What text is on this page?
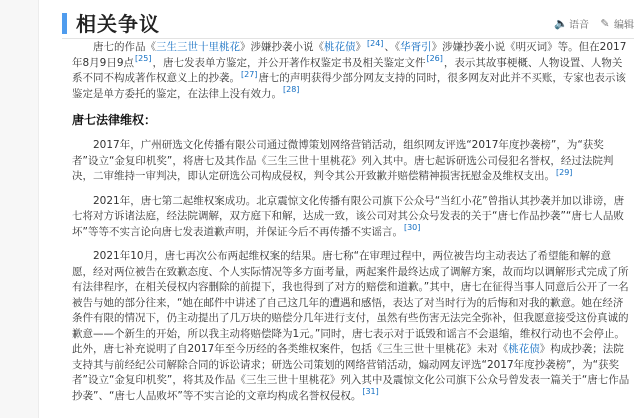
相关争议	🔈 语音 ✎ 编辑

唐七的作品《三生三世十里桃花》涉嫌抄袭小说《桃花债》[24]、《华胥引》涉嫌抄袭小说《明灭词》等。但在2017年8月9日9点[25]，唐七发表单方鉴定，并公开著作权鉴定书及相关鉴定文件[26]，表示其故事梗概、人物设置、人物关系不同不构成著作权意义上的抄袭。[27]唐七的声明获得少部分网友支持的同时，很多网友对此并不买账，专家也表示该鉴定是单方委托的鉴定，在法律上没有效力。[28]

唐七法律维权：

2017年，广州研选文化传播有限公司通过微博策划网络营销活动，组织网友评选“2017年度抄袭榜”，为“获奖者”设立“金复印机奖”，将唐七及其作品《三生三世十里桃花》列入其中。唐七起诉研选公司侵犯名誉权，经过法院判决，二审维持一审判决，即认定研选公司构成侵权，判令其公开致歉并赔偿精神损害抚慰金及维权支出。[29]

2021年，唐七第二起维权案成功。北京震惊文化传播有限公司旗下公众号“当红小花”曾指认其抄袭并加以诽谤，唐七将对方诉诸法庭，经法院调解，双方庭下和解，达成一致，该公司对其公众号发表的关于“唐七作品抄袭”“唐七人品败坏”等等不实言论向唐七发表道歉声明，并保证今后不再传播不实谣言。[30]

2021年10月，唐七再次公布两起维权案的结果。唐七称“在审理过程中，两位被告均主动表达了希望能和解的意愿，经对两位被告在致歉态度、个人实际情况等多方面考量，两起案件最终达成了调解方案，故而均以调解形式完成了所有法律程序，在相关侵权内容删除的前提下，我也得到了对方的赔偿和道歉。”其中，唐七在征得当事人同意后公开了一名被告与她的部分往来，“她在邮件中讲述了自己这几年的遭遇和感悟，表达了对当时行为的后悔和对我的歉意。她在经济条件有限的情况下，仍主动提出了几万块的赔偿分几年进行支付，虽然有些伤害无法完全弥补，但我愿意接受这份真诚的歉意——个新生的开始，所以我主动将赔偿降为1元。”同时，唐七表示对于诋毁和谣言不会退缩，维权行动也不会停止。此外，唐七补充说明了自2017年至今历经的各类维权案件，包括《三生三世十里桃花》未对《桃花债》构成抄袭；法院支持其与前经纪公司解除合同的诉讼请求；研选公司策划的网络营销活动，煽动网友评选“2017年度抄袭榜”，为“获奖者”设立“金复印机奖”，将其及作品《三生三世十里桃花》列入其中及震惊文化公司旗下公众号曾发表一篇关于“唐七作品抄袭”、“唐七人品败坏”等不实言论的文章均构成名誉权侵权。[31]
